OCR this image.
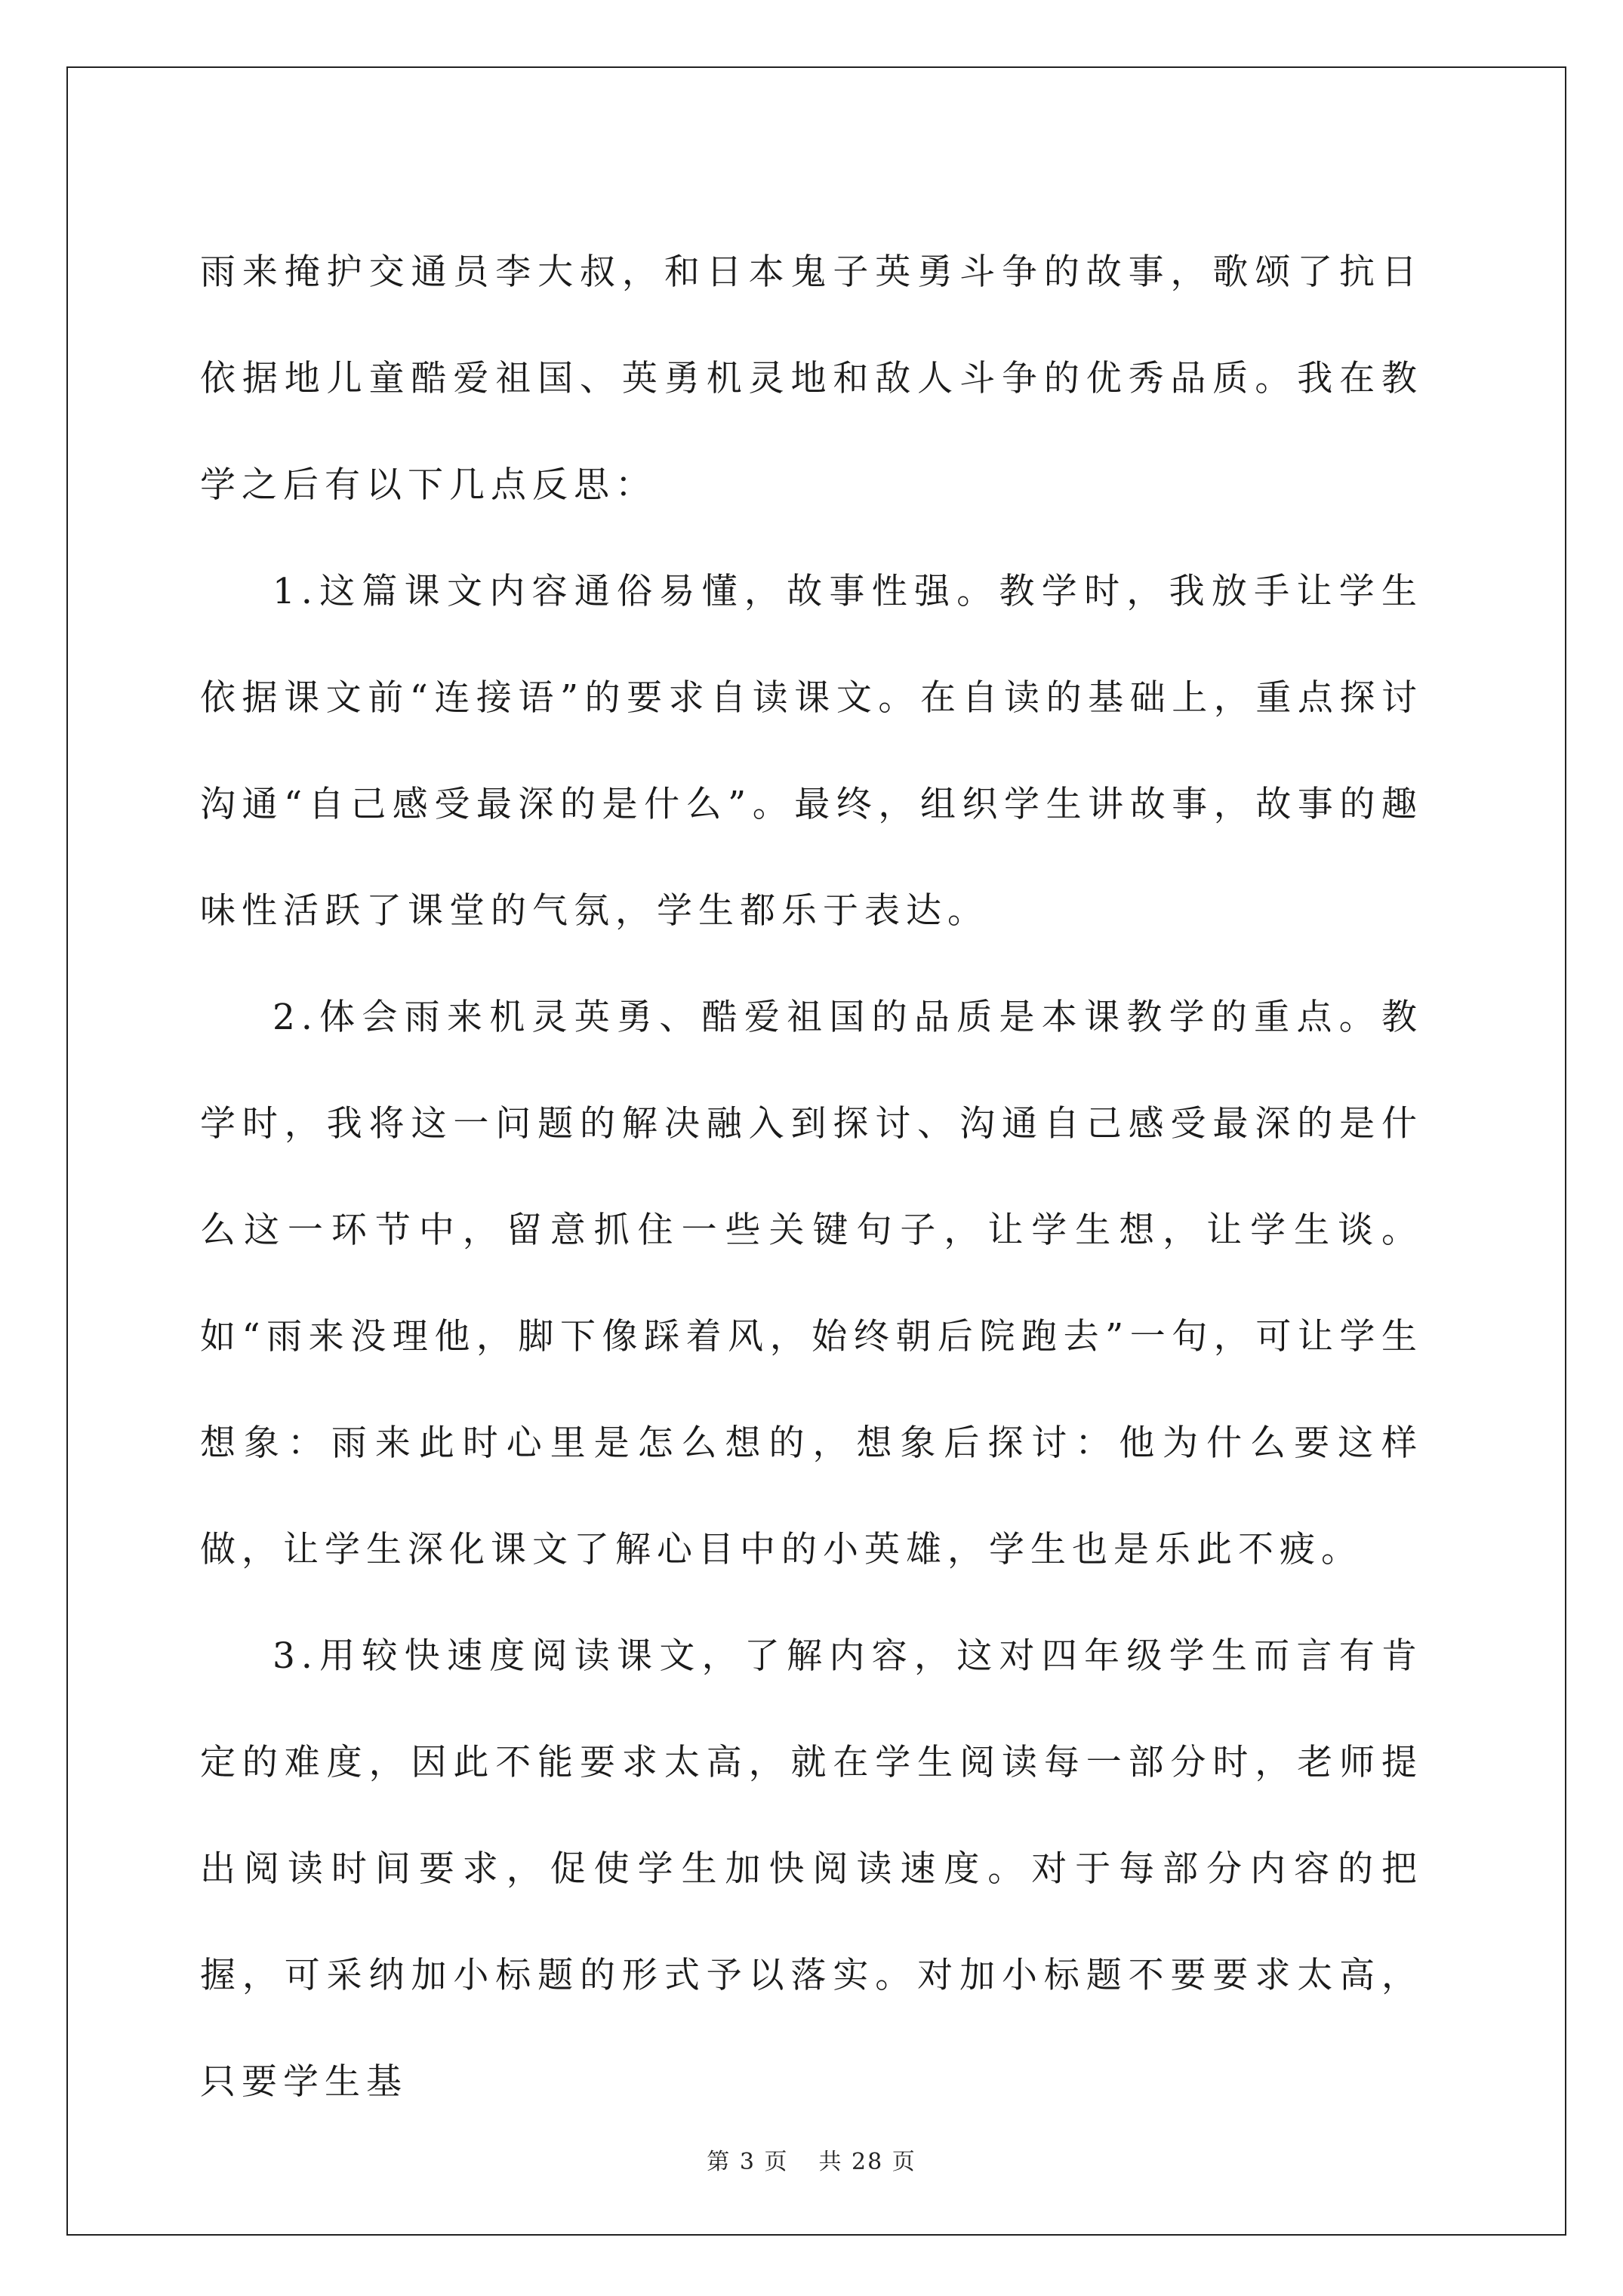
雨来掩护交通员李大叔，和日本鬼子英勇斗争的故事，歌颂了抗日依据地儿童酷爱祖国、英勇机灵地和敌人斗争的优秀品质。我在教学之后有以下几点反思：

1.这篇课文内容通俗易懂，故事性强。教学时，我放手让学生依据课文前“连接语”的要求自读课文。在自读的基础上，重点探讨沟通“自己感受最深的是什么”。最终，组织学生讲故事，故事的趣味性活跃了课堂的气氛，学生都乐于表达。

2.体会雨来机灵英勇、酷爱祖国的品质是本课教学的重点。教学时，我将这一问题的解决融入到探讨、沟通自己感受最深的是什么这一环节中，留意抓住一些关键句子，让学生想，让学生谈。如“雨来没理他，脚下像踩着风，始终朝后院跑去”一句，可让学生想象：雨来此时心里是怎么想的，想象后探讨：他为什么要这样做，让学生深化课文了解心目中的小英雄，学生也是乐此不疲。

3.用较快速度阅读课文，了解内容，这对四年级学生而言有肯定的难度，因此不能要求太高，就在学生阅读每一部分时，老师提出阅读时间要求，促使学生加快阅读速度。对于每部分内容的把握，可采纳加小标题的形式予以落实。对加小标题不要要求太高，只要学生基

第 3 页 共 28 页
